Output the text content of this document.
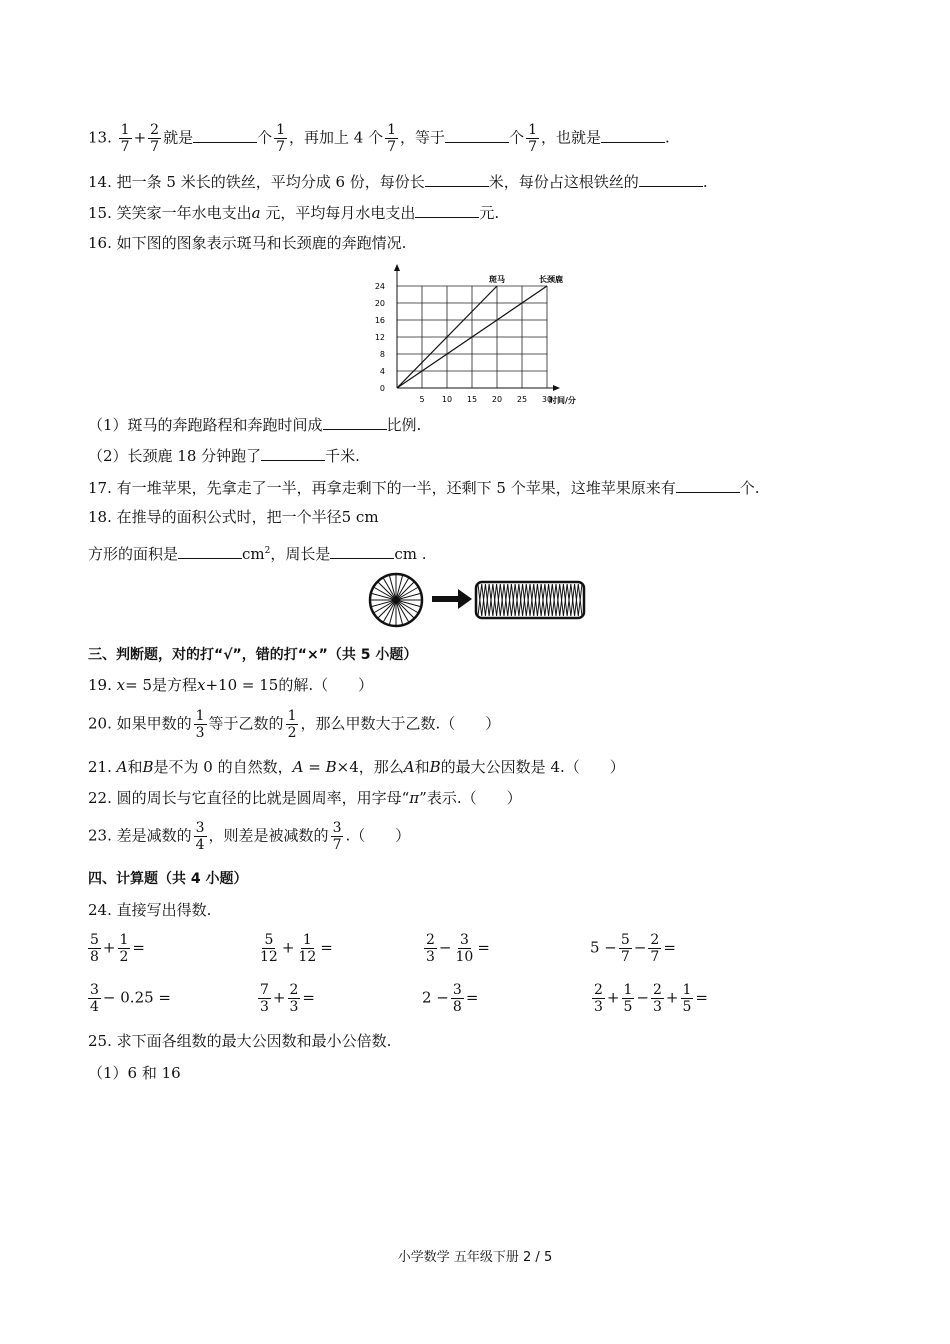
13. $\frac{1}{7} + \frac{2}{7}$ 就是	个 $\frac{1}{7}$ ，再加上 4 个 $\frac{1}{7}$ ，等于	个 $\frac{1}{7}$ ，也就是	.
14. 把一条 5 米长的铁丝，平均分成 6 份，每份长	米，每份占这根铁丝的	.
15. 笑笑家一年水电支出a 元，平均每月水电支出	元.
16. 如下图的图象表示斑马和长颈鹿的奔跑情况.
0
4
8
12
16
20
24
5 10 15 20 25 30
时间/分
斑马	长颈鹿
（1）斑马的奔跑路程和奔跑时间成	比例.
（2）长颈鹿 18 分钟跑了	千米.
17. 有一堆苹果，先拿走了一半，再拿走剩下的一半，还剩下 5 个苹果，这堆苹果原来有	个.
18. 在推导的面积公式时，把一个半径5 cm
方形的面积是	$cm^2$，周长是	cm .
三、判断题，对的打“√”，错的打“×”（共 5 小题）
19. x= 5是方程x+10 = 15的解.（　　）
20. 如果甲数的 $\frac{1}{3}$ 等于乙数的 $\frac{1}{2}$ ，那么甲数大于乙数.（　　）
21. A和B是不为 0 的自然数，A = B×4，那么A和B的最大公因数是 4.（　　）
22. 圆的周长与它直径的比就是圆周率，用字母“π”表示.（　　）
23. 差是减数的 $\frac{3}{4}$ ，则差是被减数的 $\frac{3}{7}$ .（　　）
四、计算题（共 4 小题）
24. 直接写出得数.
$\frac{5}{8} + \frac{1}{2}$ =	$\frac{5}{12} + \frac{1}{12}$ =	$\frac{2}{3} - \frac{3}{10}$ =	$5 - \frac{5}{7} - \frac{2}{7}$ =
$\frac{3}{4} - 0.25$ =	$\frac{7}{3} + \frac{2}{3}$ =	$2 - \frac{3}{8}$ =	$\frac{2}{3} + \frac{1}{5} - \frac{2}{3} + \frac{1}{5}$ =
25. 求下面各组数的最大公因数和最小公倍数.
（1）6 和 16
小学数学 五年级下册 2 / 5
